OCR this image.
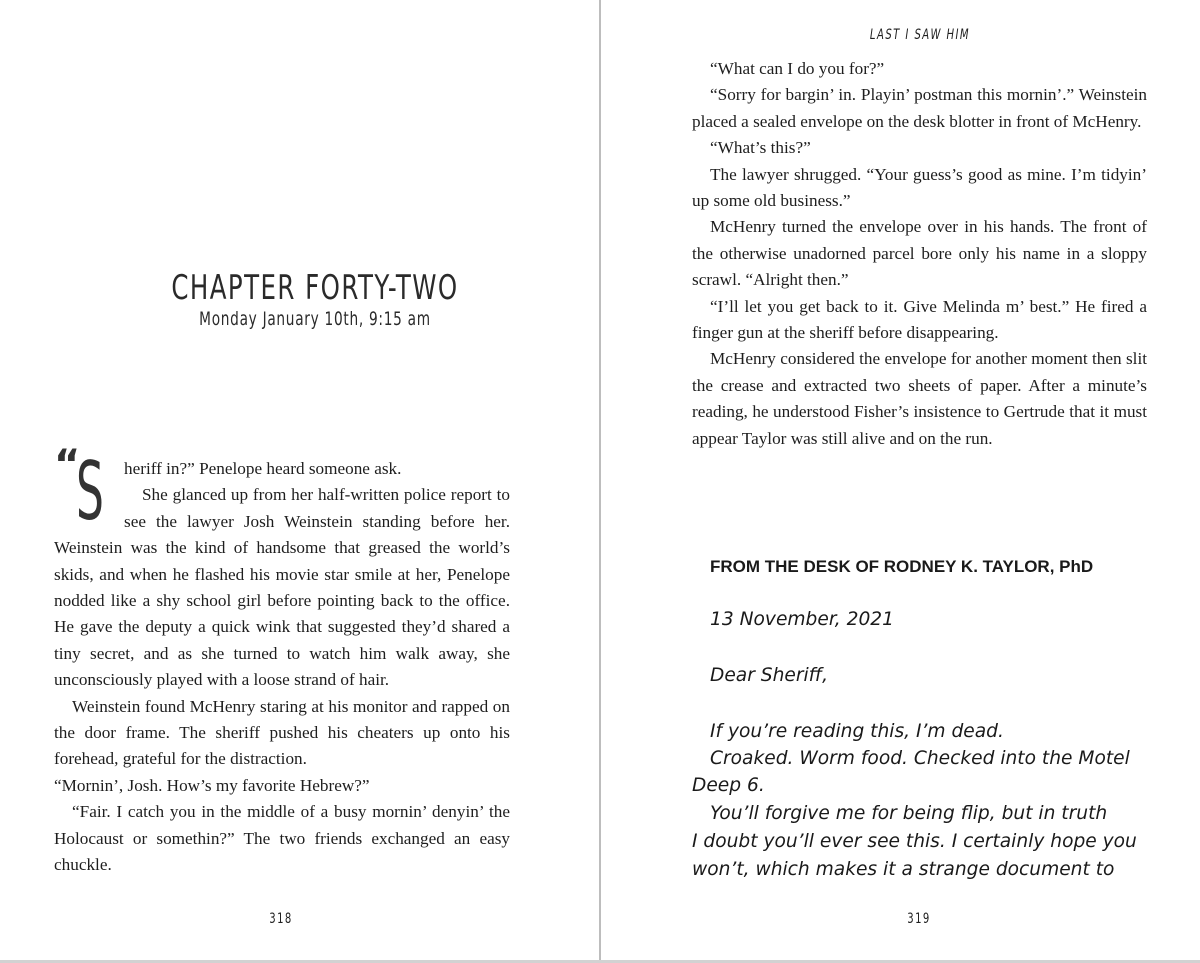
CHAPTER FORTY-TWO
Monday January 10th, 9:15 am
“
S	heriff in?” Penelope heard someone ask.

She glanced up from her half-written police report to see the lawyer Josh Weinstein standing before her. Weinstein was the kind of handsome that greased the world’s skids, and when he flashed his movie star smile at her, Penelope nodded like a shy school girl before pointing back to the office. He gave the deputy a quick wink that suggested they’d shared a tiny secret, and as she turned to watch him walk away, she unconsciously played with a loose strand of hair.

Weinstein found McHenry staring at his monitor and rapped on the door frame. The sheriff pushed his cheaters up onto his forehead, grateful for the distraction.

“Mornin’, Josh. How’s my favorite Hebrew?”

“Fair. I catch you in the middle of a busy mornin’ denyin’ the Holocaust or somethin?” The two friends exchanged an easy chuckle.

318
LAST I SAW HIM

“What can I do you for?”

“Sorry for bargin’ in. Playin’ postman this mornin’.” Weinstein placed a sealed envelope on the desk blotter in front of McHenry.

“What’s this?”

The lawyer shrugged. “Your guess’s good as mine. I’m tidyin’ up some old business.”

McHenry turned the envelope over in his hands. The front of the otherwise unadorned parcel bore only his name in a sloppy scrawl. “Alright then.”

“I’ll let you get back to it. Give Melinda m’ best.” He fired a finger gun at the sheriff before disappearing.

McHenry considered the envelope for another moment then slit the crease and extracted two sheets of paper. After a minute’s reading, he understood Fisher’s insistence to Gertrude that it must appear Taylor was still alive and on the run.

FROM THE DESK OF RODNEY K. TAYLOR, PhD
13 November, 2021
Dear Sheriff,
If you’re reading this, I’m dead.
Croaked. Worm food. Checked into the Motel
Deep 6.
You’ll forgive me for being flip, but in truth
I doubt you’ll ever see this. I certainly hope you
won’t, which makes it a strange document to
319
